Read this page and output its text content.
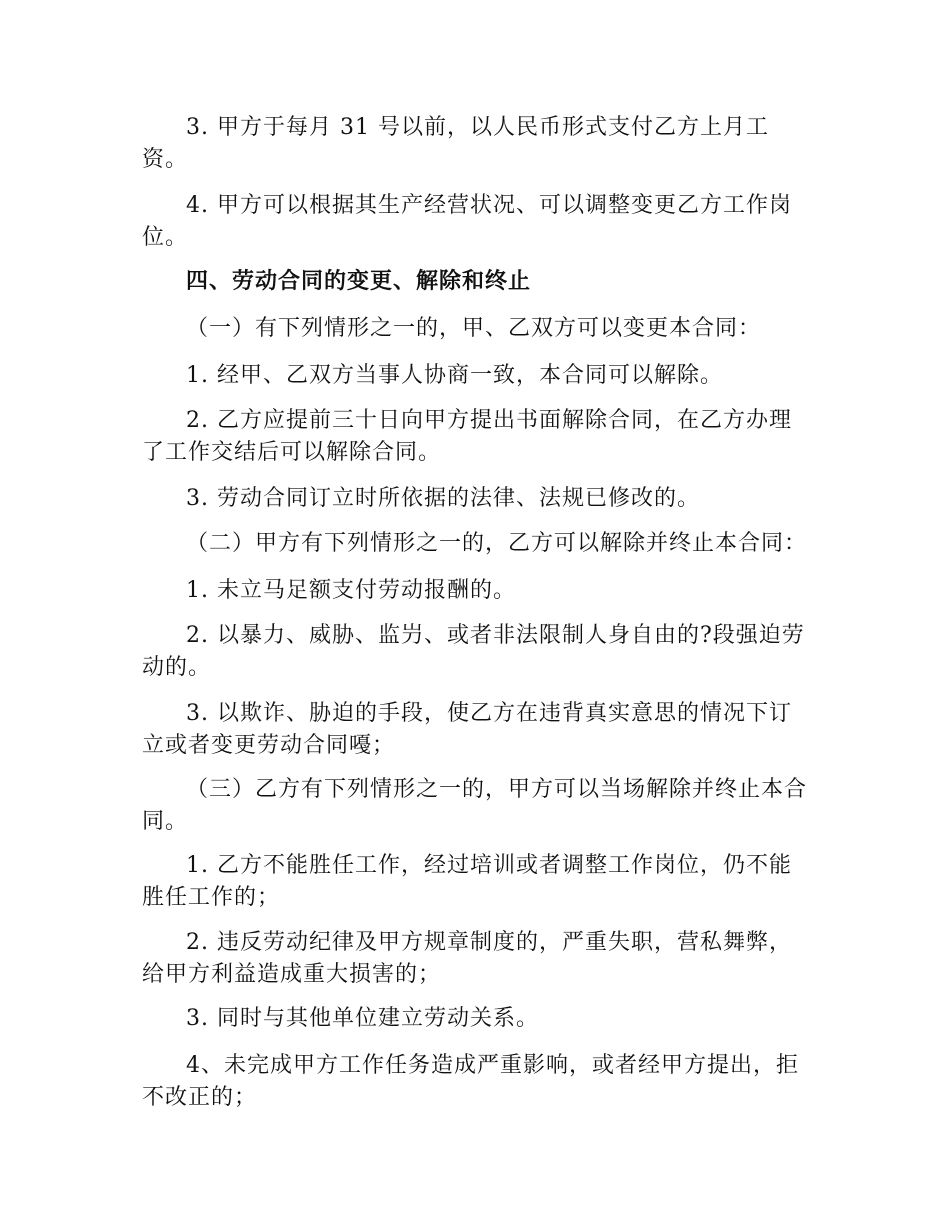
3. 甲方于每月 31 号以前，以人民币形式支付乙方上月工资。

4. 甲方可以根据其生产经营状况、可以调整变更乙方工作岗位。

四、劳动合同的变更、解除和终止

（一）有下列情形之一的，甲、乙双方可以变更本合同：

1. 经甲、乙双方当事人协商一致，本合同可以解除。

2. 乙方应提前三十日向甲方提出书面解除合同，在乙方办理了工作交结后可以解除合同。

3. 劳动合同订立时所依据的法律、法规已修改的。

（二）甲方有下列情形之一的，乙方可以解除并终止本合同：

1. 未立马足额支付劳动报酬的。

2. 以暴力、威胁、监屶、或者非法限制人身自由的?段强迫劳动的。

3. 以欺诈、胁迫的手段，使乙方在违背真实意思的情况下订立或者变更劳动合同嘠；

（三）乙方有下列情形之一的，甲方可以当场解除并终止本合同。

1. 乙方不能胜任工作，经过培训或者调整工作岗位，仍不能胜任工作的；

2. 违反劳动纪律及甲方规章制度的，严重失职，营私舞弊，给甲方利益造成重大损害的；

3. 同时与其他单位建立劳动关系。

4、未完成甲方工作任务造成严重影响，或者经甲方提出，拒不改正的；
